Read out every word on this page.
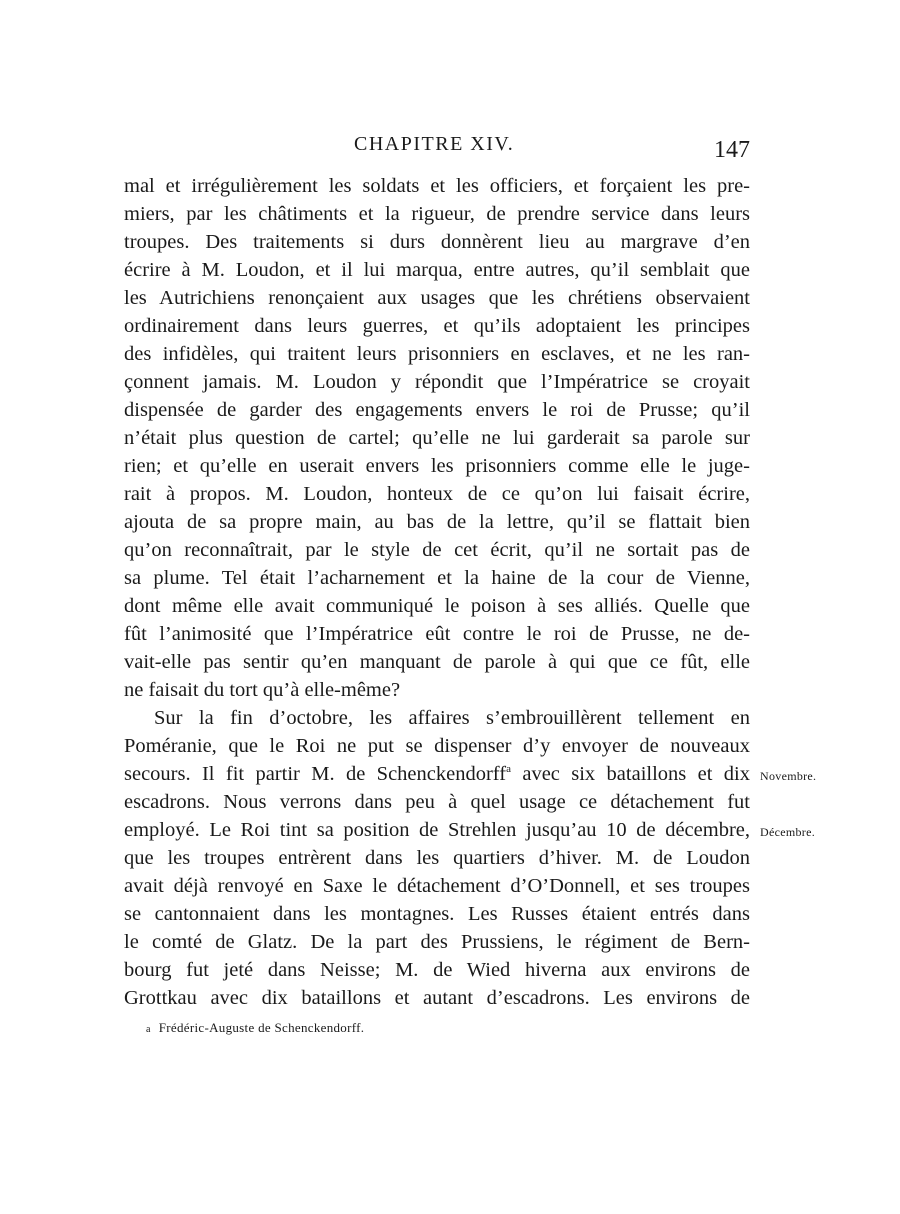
CHAPITRE XIV.	147
mal et irrégulièrement les soldats et les officiers, et forçaient les pre-
miers, par les châtiments et la rigueur, de prendre service dans leurs
troupes. Des traitements si durs donnèrent lieu au margrave d’en
écrire à M. Loudon, et il lui marqua, entre autres, qu’il semblait que
les Autrichiens renonçaient aux usages que les chrétiens observaient
ordinairement dans leurs guerres, et qu’ils adoptaient les principes
des infidèles, qui traitent leurs prisonniers en esclaves, et ne les ran-
çonnent jamais. M. Loudon y répondit que l’Impératrice se croyait
dispensée de garder des engagements envers le roi de Prusse; qu’il
n’était plus question de cartel; qu’elle ne lui garderait sa parole sur
rien; et qu’elle en userait envers les prisonniers comme elle le juge-
rait à propos. M. Loudon, honteux de ce qu’on lui faisait écrire,
ajouta de sa propre main, au bas de la lettre, qu’il se flattait bien
qu’on reconnaîtrait, par le style de cet écrit, qu’il ne sortait pas de
sa plume. Tel était l’acharnement et la haine de la cour de Vienne,
dont même elle avait communiqué le poison à ses alliés. Quelle que
fût l’animosité que l’Impératrice eût contre le roi de Prusse, ne de-
vait-elle pas sentir qu’en manquant de parole à qui que ce fût, elle
ne faisait du tort qu’à elle-même?
Sur la fin d’octobre, les affaires s’embrouillèrent tellement en
Poméranie, que le Roi ne put se dispenser d’y envoyer de nouveaux
secours. Il fit partir M. de Schenckendorff$^a$ avec six bataillons et dix Novembre.
escadrons. Nous verrons dans peu à quel usage ce détachement fut
employé. Le Roi tint sa position de Strehlen jusqu’au 10 de décembre, Décembre.
que les troupes entrèrent dans les quartiers d’hiver. M. de Loudon
avait déjà renvoyé en Saxe le détachement d’O’Donnell, et ses troupes
se cantonnaient dans les montagnes. Les Russes étaient entrés dans
le comté de Glatz. De la part des Prussiens, le régiment de Bern-
bourg fut jeté dans Neisse; M. de Wied hiverna aux environs de
Grottkau avec dix bataillons et autant d’escadrons. Les environs de
a Frédéric-Auguste de Schenckendorff.
